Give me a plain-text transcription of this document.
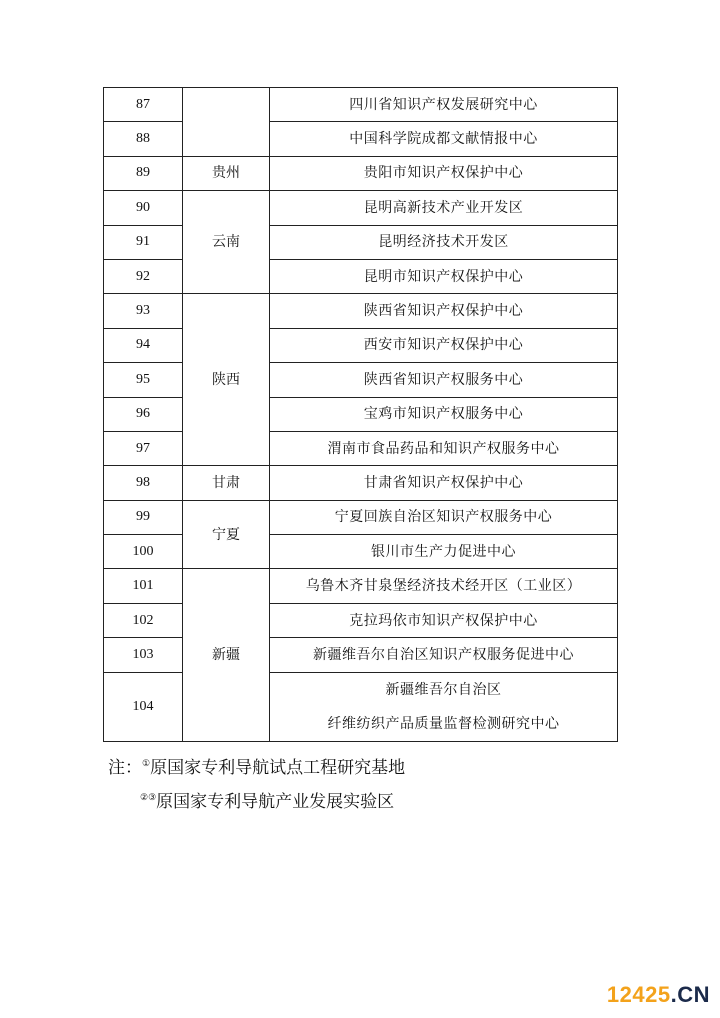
87		四川省知识产权发展研究中心
88		中国科学院成都文献情报中心
89	贵州	贵阳市知识产权保护中心
90	云南	昆明高新技术产业开发区
91		昆明经济技术开发区
92		昆明市知识产权保护中心
93	陕西	陕西省知识产权保护中心
94		西安市知识产权保护中心
95		陕西省知识产权服务中心
96		宝鸡市知识产权服务中心
97		渭南市食品药品和知识产权服务中心
98	甘肃	甘肃省知识产权保护中心
99	宁夏	宁夏回族自治区知识产权服务中心
100		银川市生产力促进中心
101	新疆	乌鲁木齐甘泉堡经济技术经开区（工业区）
102		克拉玛依市知识产权保护中心
103		新疆维吾尔自治区知识产权服务促进中心
104		新疆维吾尔自治区
纤维纺织产品质量监督检测研究中心
注：①原国家专利导航试点工程研究基地
②③原国家专利导航产业发展实验区
12425.CN
